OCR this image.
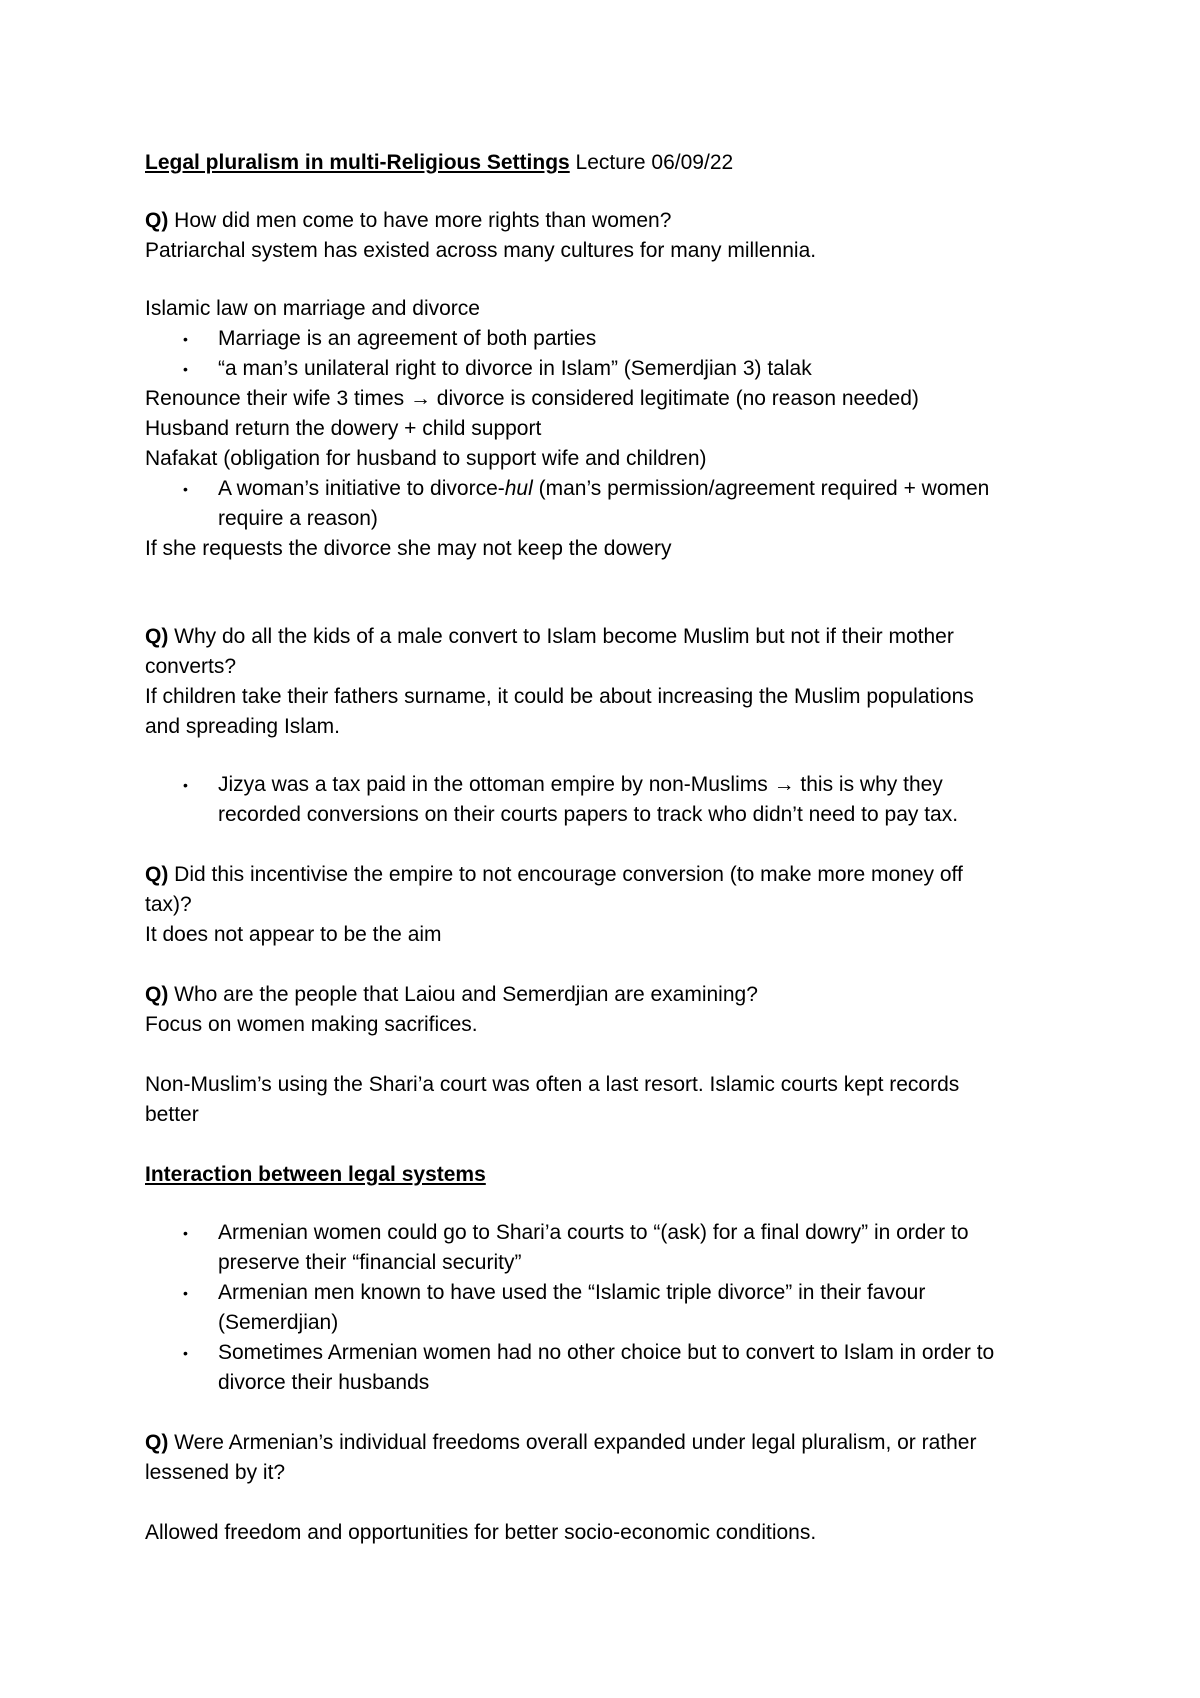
Legal pluralism in multi-Religious Settings Lecture 06/09/22
Q) How did men come to have more rights than women?
Patriarchal system has existed across many cultures for many millennia.
Islamic law on marriage and divorce
•	Marriage is an agreement of both parties
•	“a man’s unilateral right to divorce in Islam” (Semerdjian 3) talak
Renounce their wife 3 times → divorce is considered legitimate (no reason needed)
Husband return the dowery + child support
Nafakat (obligation for husband to support wife and children)
•	A woman’s initiative to divorce-hul (man’s permission/agreement required + women
require a reason)
If she requests the divorce she may not keep the dowery
Q) Why do all the kids of a male convert to Islam become Muslim but not if their mother
converts?
If children take their fathers surname, it could be about increasing the Muslim populations
and spreading Islam.
•	Jizya was a tax paid in the ottoman empire by non-Muslims → this is why they
recorded conversions on their courts papers to track who didn’t need to pay tax.
Q) Did this incentivise the empire to not encourage conversion (to make more money off
tax)?
It does not appear to be the aim
Q) Who are the people that Laiou and Semerdjian are examining?
Focus on women making sacrifices.
Non-Muslim’s using the Shari’a court was often a last resort. Islamic courts kept records
better
Interaction between legal systems
•	Armenian women could go to Shari’a courts to “(ask) for a final dowry” in order to
preserve their “financial security”
•	Armenian men known to have used the “Islamic triple divorce” in their favour
(Semerdjian)
•	Sometimes Armenian women had no other choice but to convert to Islam in order to
divorce their husbands
Q) Were Armenian’s individual freedoms overall expanded under legal pluralism, or rather
lessened by it?
Allowed freedom and opportunities for better socio-economic conditions.
